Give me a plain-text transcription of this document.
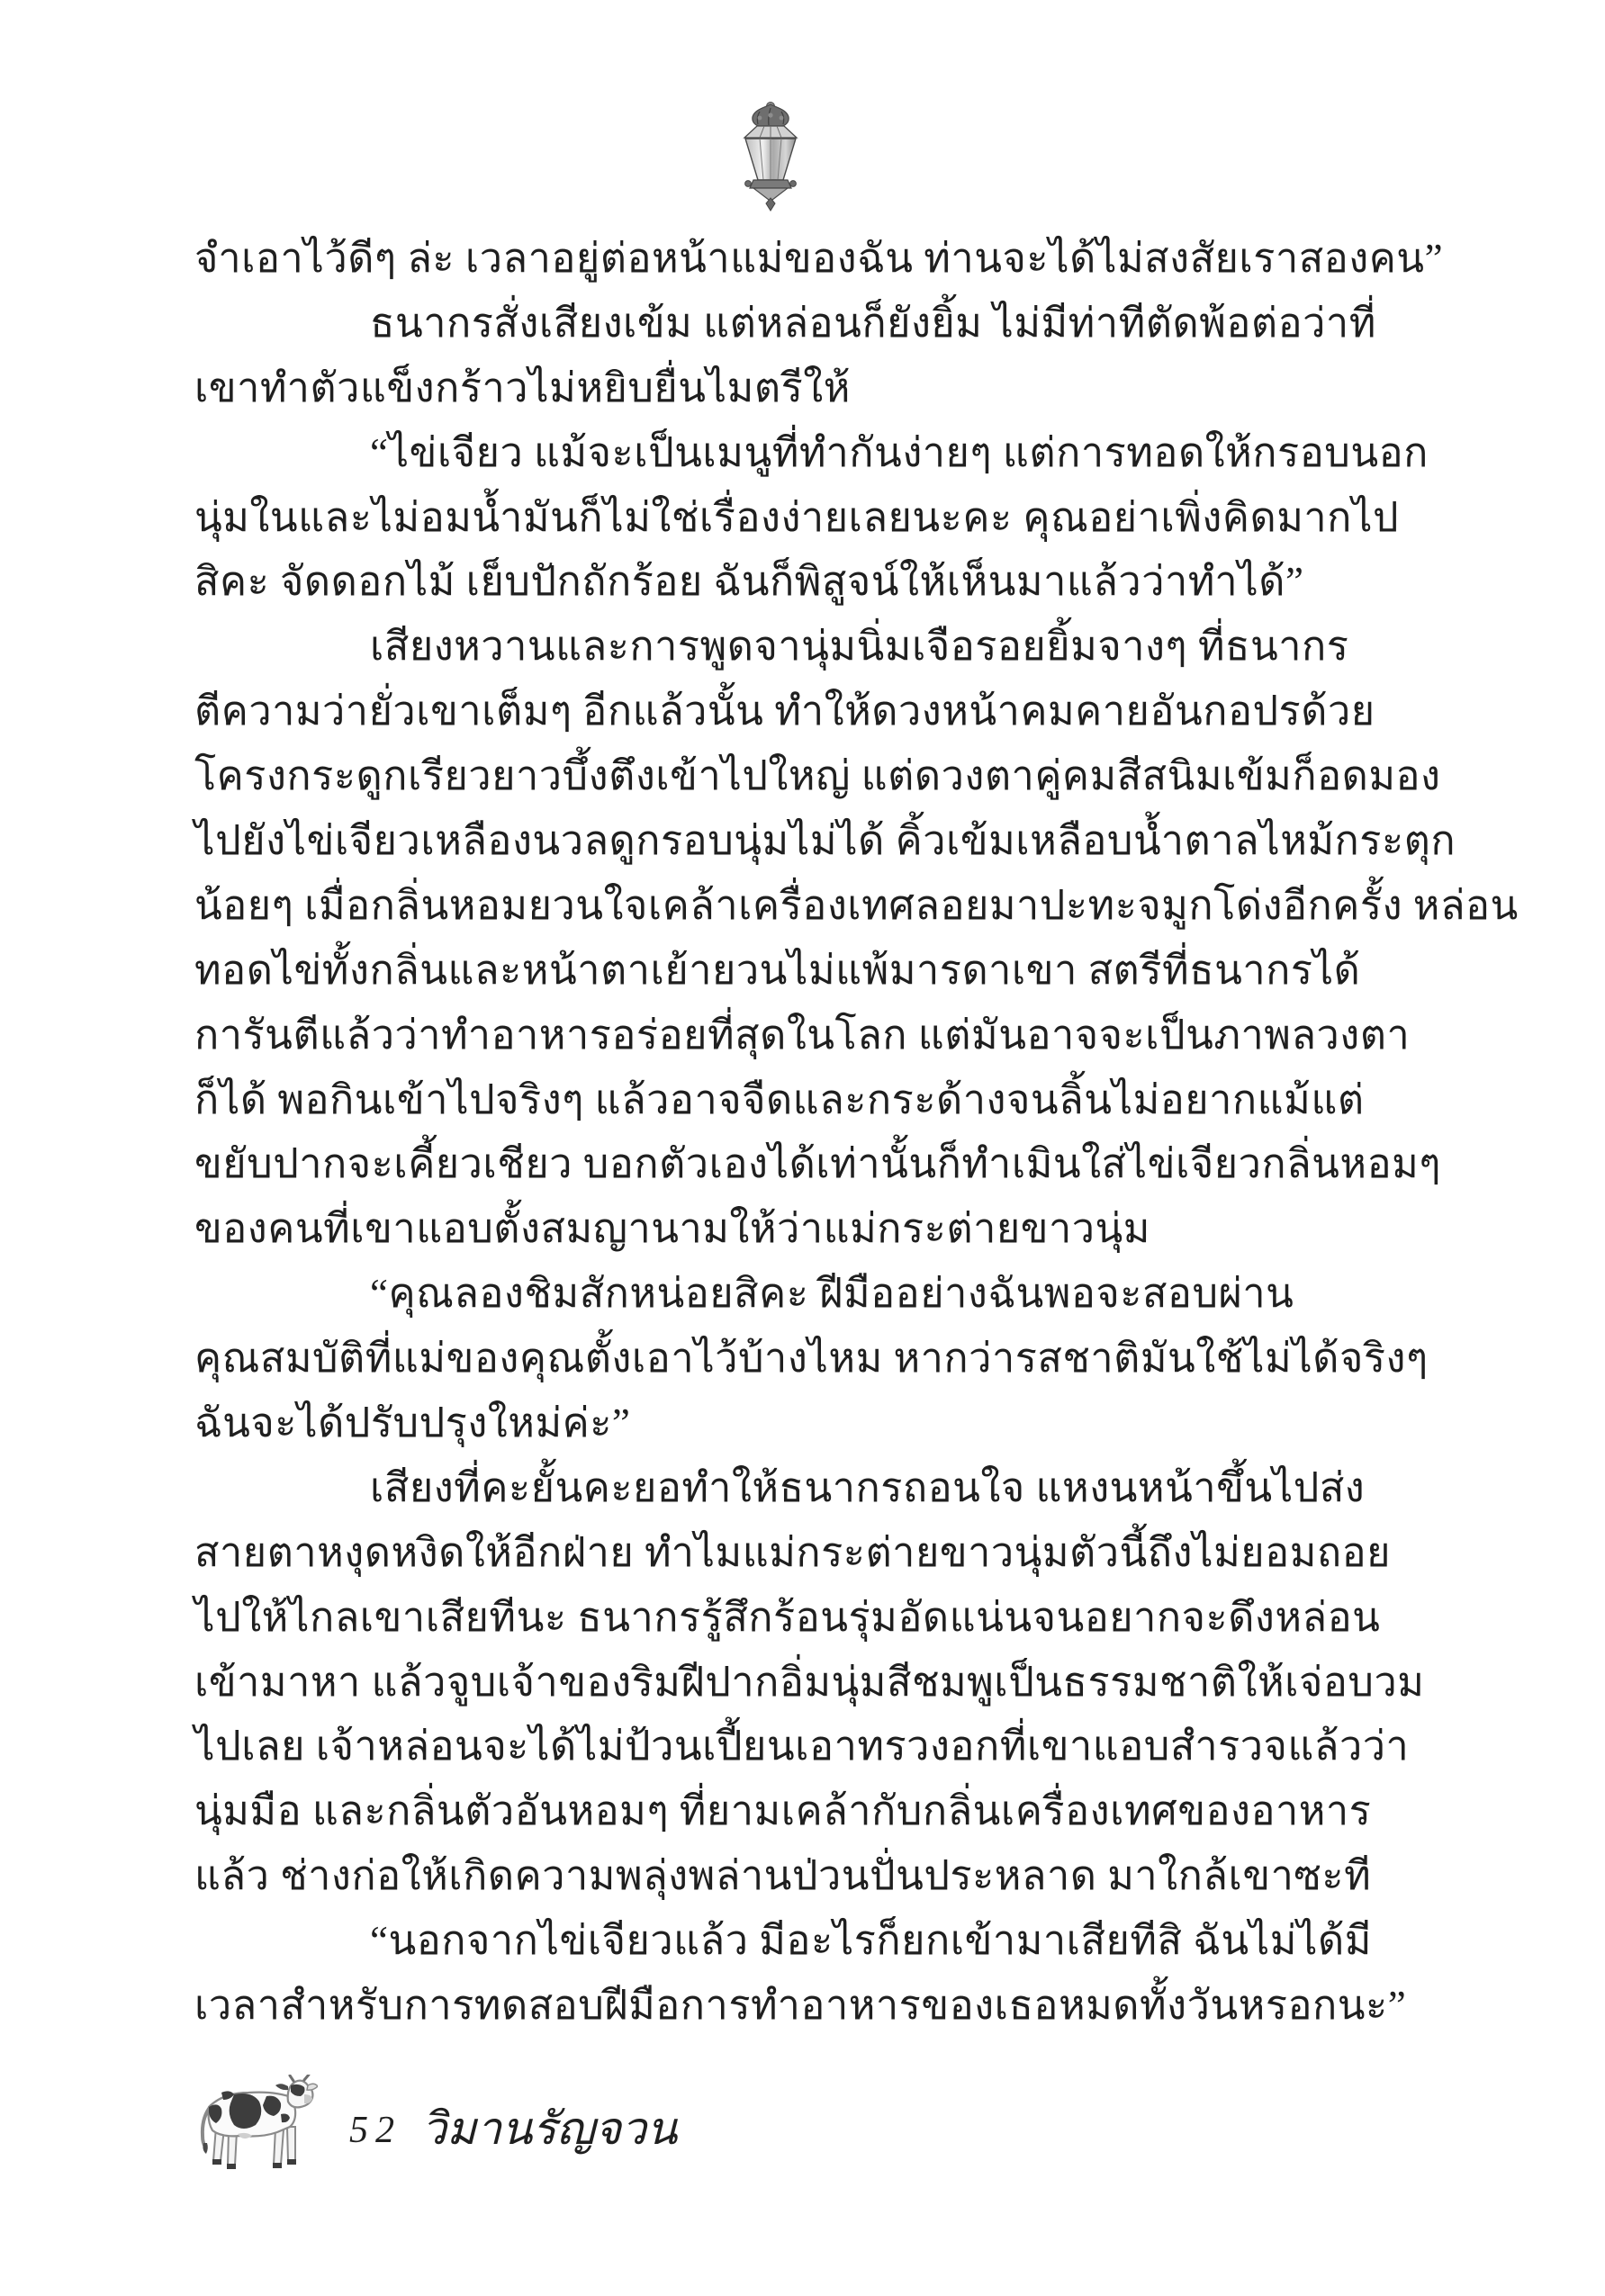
จำเอาไว้ดีๆ ล่ะ เวลาอยู่ต่อหน้าแม่ของฉัน ท่านจะได้ไม่สงสัยเราสองคน”
ธนากรสั่งเสียงเข้ม แต่หล่อนก็ยังยิ้ม ไม่มีท่าทีตัดพ้อต่อว่าที่
เขาทำตัวแข็งกร้าวไม่หยิบยื่นไมตรีให้
“ไข่เจียว แม้จะเป็นเมนูที่ทำกันง่ายๆ แต่การทอดให้กรอบนอก
นุ่มในและไม่อมน้ำมันก็ไม่ใช่เรื่องง่ายเลยนะคะ คุณอย่าเพิ่งคิดมากไป
สิคะ จัดดอกไม้ เย็บปักถักร้อย ฉันก็พิสูจน์ให้เห็นมาแล้วว่าทำได้”
เสียงหวานและการพูดจานุ่มนิ่มเจือรอยยิ้มจางๆ ที่ธนากร
ตีความว่ายั่วเขาเต็มๆ อีกแล้วนั้น ทำให้ดวงหน้าคมคายอันกอปรด้วย
โครงกระดูกเรียวยาวบึ้งตึงเข้าไปใหญ่ แต่ดวงตาคู่คมสีสนิมเข้มก็อดมอง
ไปยังไข่เจียวเหลืองนวลดูกรอบนุ่มไม่ได้ คิ้วเข้มเหลือบน้ำตาลไหม้กระตุก
น้อยๆ เมื่อกลิ่นหอมยวนใจเคล้าเครื่องเทศลอยมาปะทะจมูกโด่งอีกครั้ง หล่อน
ทอดไข่ทั้งกลิ่นและหน้าตาเย้ายวนไม่แพ้มารดาเขา สตรีที่ธนากรได้
การันตีแล้วว่าทำอาหารอร่อยที่สุดในโลก แต่มันอาจจะเป็นภาพลวงตา
ก็ได้ พอกินเข้าไปจริงๆ แล้วอาจจืดและกระด้างจนลิ้นไม่อยากแม้แต่
ขยับปากจะเคี้ยวเชียว บอกตัวเองได้เท่านั้นก็ทำเมินใส่ไข่เจียวกลิ่นหอมๆ
ของคนที่เขาแอบตั้งสมญานามให้ว่าแม่กระต่ายขาวนุ่ม
“คุณลองชิมสักหน่อยสิคะ ฝีมืออย่างฉันพอจะสอบผ่าน
คุณสมบัติที่แม่ของคุณตั้งเอาไว้บ้างไหม หากว่ารสชาติมันใช้ไม่ได้จริงๆ
ฉันจะได้ปรับปรุงใหม่ค่ะ”
เสียงที่คะยั้นคะยอทำให้ธนากรถอนใจ แหงนหน้าขึ้นไปส่ง
สายตาหงุดหงิดให้อีกฝ่าย ทำไมแม่กระต่ายขาวนุ่มตัวนี้ถึงไม่ยอมถอย
ไปให้ไกลเขาเสียทีนะ ธนากรรู้สึกร้อนรุ่มอัดแน่นจนอยากจะดึงหล่อน
เข้ามาหา แล้วจูบเจ้าของริมฝีปากอิ่มนุ่มสีชมพูเป็นธรรมชาติให้เจ่อบวม
ไปเลย เจ้าหล่อนจะได้ไม่ป้วนเปี้ยนเอาทรวงอกที่เขาแอบสำรวจแล้วว่า
นุ่มมือ และกลิ่นตัวอันหอมๆ ที่ยามเคล้ากับกลิ่นเครื่องเทศของอาหาร
แล้ว ช่างก่อให้เกิดความพลุ่งพล่านป่วนปั่นประหลาด มาใกล้เขาซะที
“นอกจากไข่เจียวแล้ว มีอะไรก็ยกเข้ามาเสียทีสิ ฉันไม่ได้มี
เวลาสำหรับการทดสอบฝีมือการทำอาหารของเธอหมดทั้งวันหรอกนะ”
52 วิมานรัญจวน
